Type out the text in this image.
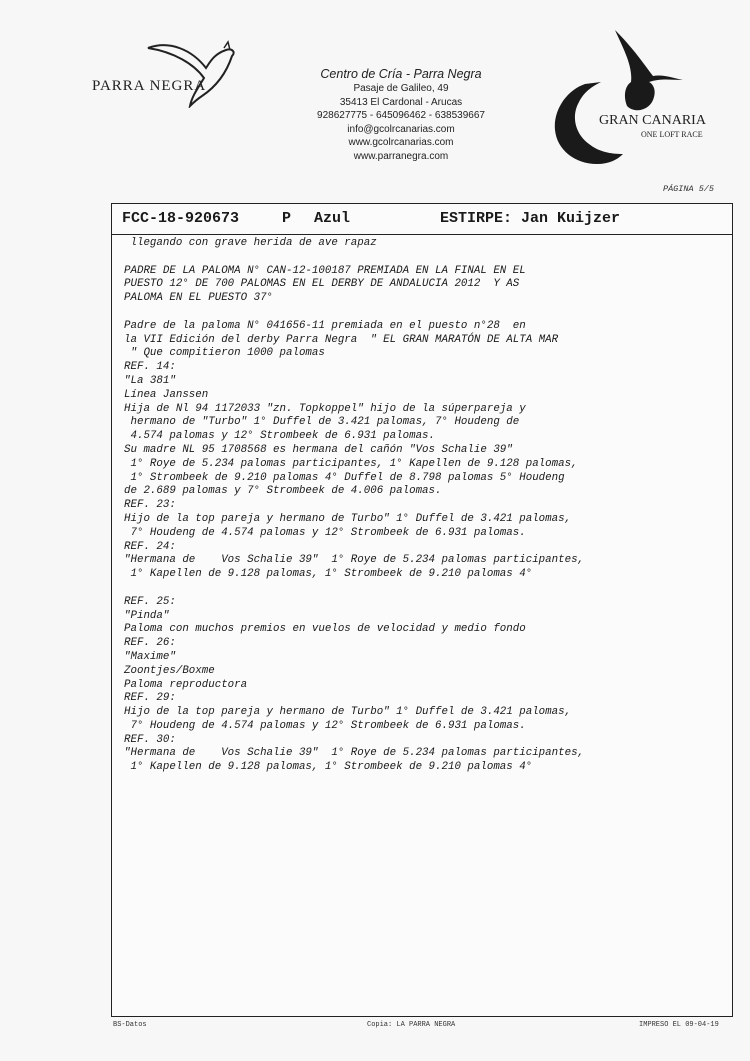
PARRA NEGRA
Centro de Cría - Parra Negra
Pasaje de Galileo, 49
35413 El Cardonal - Arucas
928627775 - 645096462 - 638539667
info@gcolrcanarias.com
www.gcolrcanarias.com
www.parranegra.com
GRAN CANARIA
ONE LOFT RACE
PÁGINA 5/5
FCC-18-920673	P Azul	ESTIRPE: Jan Kuijzer
llegando con grave herida de ave rapaz
PADRE DE LA PALOMA N° CAN-12-100187 PREMIADA EN LA FINAL EN EL
PUESTO 12° DE 700 PALOMAS EN EL DERBY DE ANDALUCIA 2012  Y AS
PALOMA EN EL PUESTO 37°
Padre de la paloma N° 041656-11 premiada en el puesto n°28  en
la VII Edición del derby Parra Negra  " EL GRAN MARATÓN DE ALTA MAR
" Que compitieron 1000 palomas
REF. 14:
"La 381"
Línea Janssen
Hija de Nl 94 1172033 "zn. Topkoppel" hijo de la súperpareja y
hermano de "Turbo" 1° Duffel de 3.421 palomas, 7° Houdeng de
4.574 palomas y 12° Strombeek de 6.931 palomas.
Su madre NL 95 1708568 es hermana del cañón "Vos Schalie 39"
1° Roye de 5.234 palomas participantes, 1° Kapellen de 9.128 palomas,
1° Strombeek de 9.210 palomas 4° Duffel de 8.798 palomas 5° Houdeng
de 2.689 palomas y 7° Strombeek de 4.006 palomas.
REF. 23:
Hijo de la top pareja y hermano de Turbo" 1° Duffel de 3.421 palomas,
7° Houdeng de 4.574 palomas y 12° Strombeek de 6.931 palomas.
REF. 24:
"Hermana de    Vos Schalie 39"  1° Roye de 5.234 palomas participantes,
1° Kapellen de 9.128 palomas, 1° Strombeek de 9.210 palomas 4°
REF. 25:
"Pinda"
Paloma con muchos premios en vuelos de velocidad y medio fondo
REF. 26:
"Maxime"
Zoontjes/Boxme
Paloma reproductora
REF. 29:
Hijo de la top pareja y hermano de Turbo" 1° Duffel de 3.421 palomas,
7° Houdeng de 4.574 palomas y 12° Strombeek de 6.931 palomas.
REF. 30:
"Hermana de    Vos Schalie 39"  1° Roye de 5.234 palomas participantes,
1° Kapellen de 9.128 palomas, 1° Strombeek de 9.210 palomas 4°
BS-Datos	Copia: LA PARRA NEGRA	IMPRESO EL 09-04-19
